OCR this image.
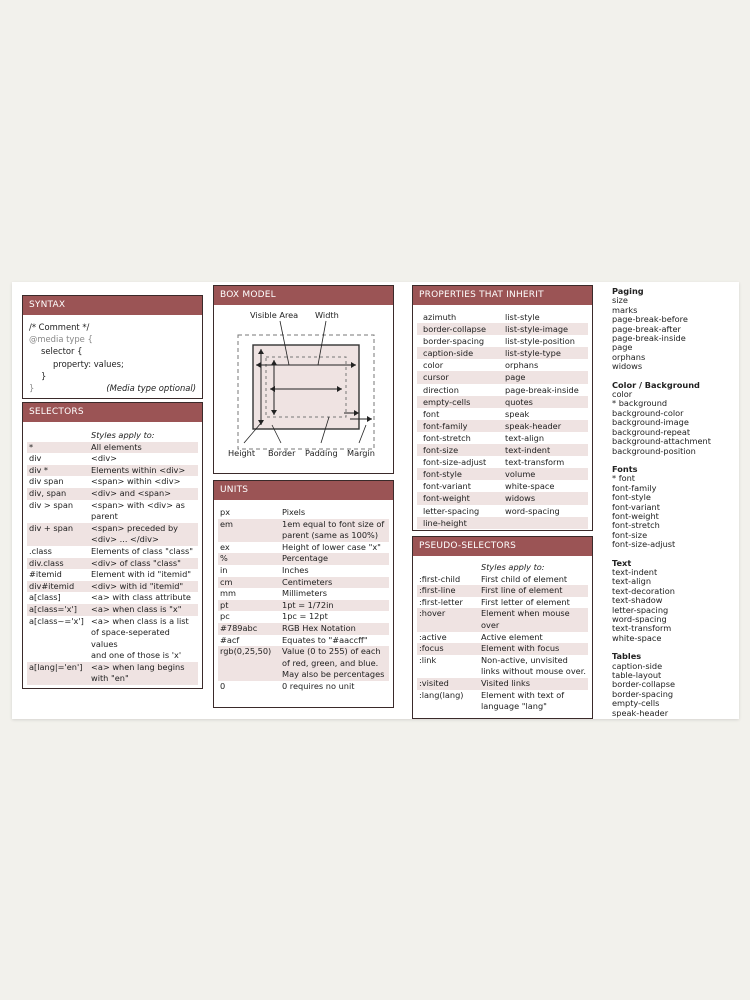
SYNTAX
/* Comment */
@media type {
selector {
property: values;
}
}	(Media type optional)
SELECTORS
Styles apply to:
*	All elements
div	<div>
div *	Elements within <div>
div span	<span> within <div>
div, span	<div> and <span>
div > span	<span> with <div> as
parent
div + span	<span> preceded by
<div> ... </div>
.class	Elements of class "class"
div.class	<div> of class "class"
#itemid	Element with id "itemid"
div#itemid	<div> with id "itemid"
a[class]	<a> with class attribute
a[class='x']	<a> when class is "x"
a[class~='x'] <a> when class is a list
of space-seperated values
and one of those is 'x'
a[lang|='en']	<a> when lang begins
with "en"
BOX MODEL
Visible Area Width
Height Border Padding Margin
UNITS
px	Pixels
em	1em equal to font size of
parent (same as 100%)
ex	Height of lower case "x"
%	Percentage
in	Inches
cm	Centimeters
mm	Millimeters
pt	1pt = 1/72in
pc	1pc = 12pt
#789abc	RGB Hex Notation
#acf	Equates to "#aaccff"
rgb(0,25,50)	Value (0 to 255) of each
of red, green, and blue.
May also be percentages
0	0 requires no unit
PROPERTIES THAT INHERIT
azimuth	list-style
border-collapse	list-style-image
border-spacing	list-style-position
caption-side	list-style-type
color	orphans
cursor	page
direction	page-break-inside
empty-cells	quotes
font	speak
font-family	speak-header
font-stretch	text-align
font-size	text-indent
font-size-adjust	text-transform
font-style	volume
font-variant	white-space
font-weight	widows
letter-spacing	word-spacing
line-height
PSEUDO-SELECTORS
Styles apply to:
:first-child	First child of element
:first-line	First line of element
:first-letter	First letter of element
:hover	Element when mouse over
:active	Active element
:focus	Element with focus
:link	Non-active, unvisited
links without mouse over.
:visited	Visited links
:lang(lang)	Element with text of
language "lang"
Paging
size
marks
page-break-before
page-break-after
page-break-inside
page
orphans
widows
Color / Background
color
* background
background-color
background-image
background-repeat
background-attachment
background-position
Fonts
* font
font-family
font-style
font-variant
font-weight
font-stretch
font-size
font-size-adjust
Text
text-indent
text-align
text-decoration
text-shadow
letter-spacing
word-spacing
text-transform
white-space
Tables
caption-side
table-layout
border-collapse
border-spacing
empty-cells
speak-header
